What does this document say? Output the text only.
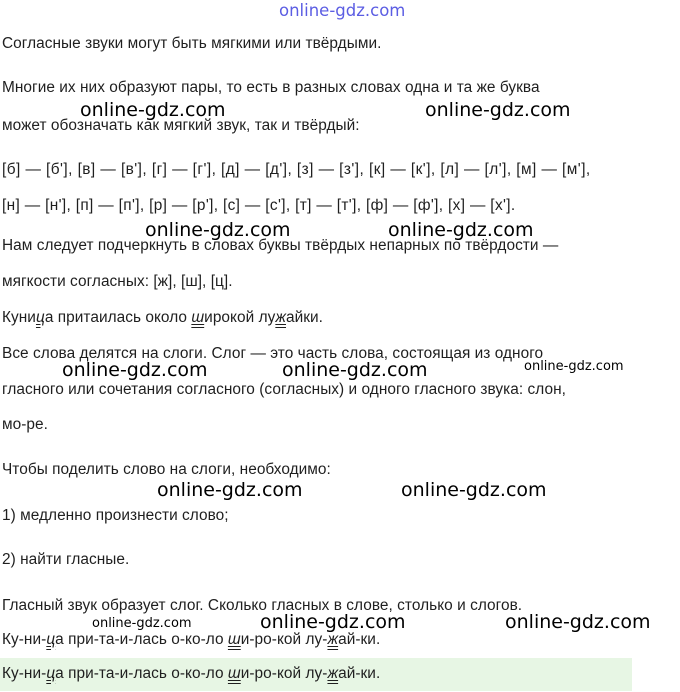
online-gdz.com
Согласные звуки могут быть мягкими или твёрдыми.
Многие их них образуют пары, то есть в разных словах одна и та же буква
может обозначать как мягкий звук, так и твёрдый:
[б] — [б'], [в] — [в'], [г] — [г'], [д] — [д'], [з] — [з'], [к] — [к'], [л] — [л'], [м] — [м'],
[н] — [н'], [п] — [п'], [р] — [р'], [с] — [с'], [т] — [т'], [ф] — [ф'], [х] — [х'].
Нам следует подчеркнуть в словах буквы твёрдых непарных по твёрдости —
мягкости согласных: [ж], [ш], [ц].
Куница притаилась около широкой лужайки.
Все слова делятся на слоги. Слог — это часть слова, состоящая из одного
гласного или сочетания согласного (согласных) и одного гласного звука: слон,
мо-ре.
Чтобы поделить слово на слоги, необходимо:
1) медленно произнести слово;
2) найти гласные.
Гласный звук образует слог. Сколько гласных в слове, столько и слогов.
Ку-ни-ца при-та-и-лась о-ко-ло ши-ро-кой лу-жай-ки.
Ку-ни-ца при-та-и-лась о-ко-ло ши-ро-кой лу-жай-ки.
online-gdz.com	online-gdz.com
online-gdz.com	online-gdz.com
online-gdz.com
online-gdz.com	online-gdz.com
online-gdz.com	online-gdz.com
online-gdz.com	online-gdz.com	online-gdz.com
